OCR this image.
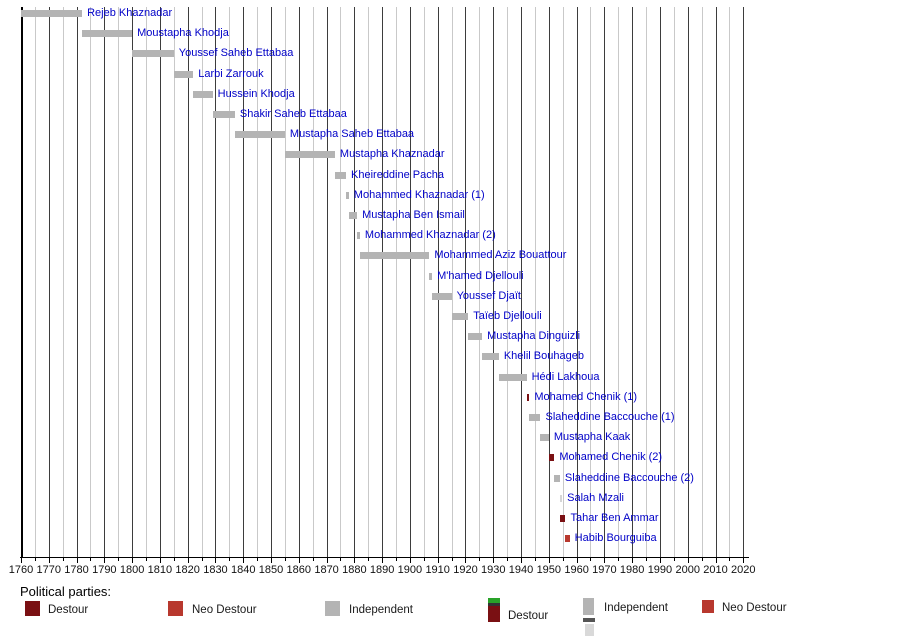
1760 1770 1780 1790 1800 1810 1820 1830 1840 1850 1860 1870 1880 1890 1900 1910 1920 1930 1940 1950 1960 1970 1980 1990 2000 2010 2020
Rejeb Khaznadar
Moustapha Khodja
Youssef Saheb Ettabaa
Larbi Zarrouk
Hussein Khodja
Shakir Saheb Ettabaa
Mustapha Saheb Ettabaa
Mustapha Khaznadar
Kheireddine Pacha
Mohammed Khaznadar (1)
Mustapha Ben Ismail
Mohammed Khaznadar (2)
Mohammed Aziz Bouattour
M'hamed Djellouli
Youssef Djaït
Taïeb Djellouli
Mustapha Dinguizli
Khelil Bouhageb
Hédi Lakhoua
Mohamed Chenik (1)
Slaheddine Baccouche (1)
Mustapha Kaak
Mohamed Chenik (2)
Slaheddine Baccouche (2)
Salah Mzali
Tahar Ben Ammar
Habib Bourguiba
Political parties:
Destour	Neo Destour	Independent	Destour
Independent	Neo Destour
